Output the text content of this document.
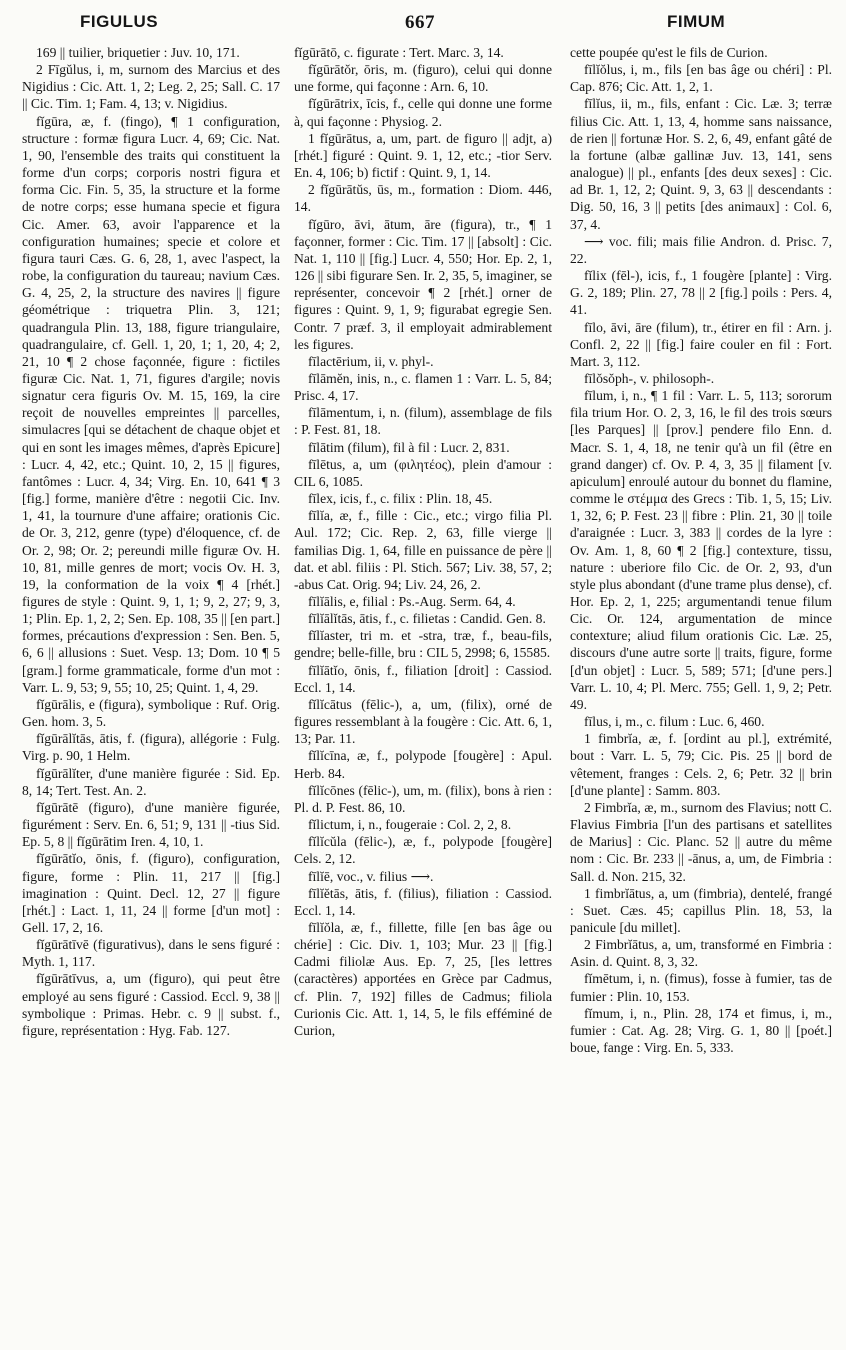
FIGULUS	667	FIMUM

169 || tuilier, briquetier : Juv. 10, 171.

2 Fīgŭlus, i, m, surnom des Marcius et des Nigidius : Cic. Att. 1, 2; Leg. 2, 25; Sall. C. 17 || Cic. Tim. 1; Fam. 4, 13; v. Nigidius.

fĭgūra, æ, f. (fingo), ¶ 1 configuration, structure : formæ figura Lucr. 4, 69; Cic. Nat. 1, 90, l'ensemble des traits qui constituent la forme d'un corps; corporis nostri figura et forma Cic. Fin. 5, 35, la structure et la forme de notre corps; esse humana specie et figura Cic. Amer. 63, avoir l'apparence et la configuration humaines; specie et colore et figura tauri Cæs. G. 6, 28, 1, avec l'aspect, la robe, la configuration du taureau; navium Cæs. G. 4, 25, 2, la structure des navires || figure géométrique : triquetra Plin. 3, 121; quadrangula Plin. 13, 188, figure triangulaire, quadrangulaire, cf. Gell. 1, 20, 1; 1, 20, 4; 2, 21, 10 ¶ 2 chose façonnée, figure : fictiles figuræ Cic. Nat. 1, 71, figures d'argile; novis signatur cera figuris Ov. M. 15, 169, la cire reçoit de nouvelles empreintes || parcelles, simulacres [qui se détachent de chaque objet et qui en sont les images mêmes, d'après Epicure] : Lucr. 4, 42, etc.; Quint. 10, 2, 15 || figures, fantômes : Lucr. 4, 34; Virg. En. 10, 641 ¶ 3 [fig.] forme, manière d'être : negotii Cic. Inv. 1, 41, la tournure d'une affaire; orationis Cic. de Or. 3, 212, genre (type) d'éloquence, cf. de Or. 2, 98; Or. 2; pereundi mille figuræ Ov. H. 10, 81, mille genres de mort; vocis Ov. H. 3, 19, la conformation de la voix ¶ 4 [rhét.] figures de style : Quint. 9, 1, 1; 9, 2, 27; 9, 3, 1; Plin. Ep. 1, 2, 2; Sen. Ep. 108, 35 || [en part.] formes, précautions d'expression : Sen. Ben. 5, 6, 6 || allusions : Suet. Vesp. 13; Dom. 10 ¶ 5 [gram.] forme grammaticale, forme d'un mot : Varr. L. 9, 53; 9, 55; 10, 25; Quint. 1, 4, 29.

fĭgūrālis, e (figura), symbolique : Ruf. Orig. Gen. hom. 3, 5.

fĭgūrālĭtās, ātis, f. (figura), allégorie : Fulg. Virg. p. 90, 1 Helm.

fĭgūrālĭter, d'une manière figurée : Sid. Ep. 8, 14; Tert. Test. An. 2.

fĭgūrātē (figuro), d'une manière figurée, figurément : Serv. En. 6, 51; 9, 131 || -tius Sid. Ep. 5, 8 || fĭgūrātim Iren. 4, 10, 1.

fĭgūrātĭo, ōnis, f. (figuro), configuration, figure, forme : Plin. 11, 217 || [fig.] imagination : Quint. Decl. 12, 27 || figure [rhét.] : Lact. 1, 11, 24 || forme [d'un mot] : Gell. 17, 2, 16.

fĭgūrātīvē (figurativus), dans le sens figuré : Myth. 1, 117.

fĭgūrātīvus, a, um (figuro), qui peut être employé au sens figuré : Cassiod. Eccl. 9, 38 || symbolique : Primas. Hebr. c. 9 || subst. f., figure, représentation : Hyg. Fab. 127.

fĭgūrātō, c. figurate : Tert. Marc. 3, 14.

fĭgūrātŏr, ōris, m. (figuro), celui qui donne une forme, qui façonne : Arn. 6, 10.

fĭgūrātrix, īcis, f., celle qui donne une forme à, qui façonne : Physiog. 2.

1 fĭgūrātus, a, um, part. de figuro || adjt, a) [rhét.] figuré : Quint. 9. 1, 12, etc.; -tior Serv. En. 4, 106; b) fictif : Quint. 9, 1, 14.

2 fĭgūrātŭs, ūs, m., formation : Diom. 446, 14.

fĭgūro, āvi, ātum, āre (figura), tr., ¶ 1 façonner, former : Cic. Tim. 17 || [absolt] : Cic. Nat. 1, 110 || [fig.] Lucr. 4, 550; Hor. Ep. 2, 1, 126 || sibi figurare Sen. Ir. 2, 35, 5, imaginer, se représenter, concevoir ¶ 2 [rhét.] orner de figures : Quint. 9, 1, 9; figurabat egregie Sen. Contr. 7 præf. 3, il employait admirablement les figures.

fīlactērium, ii, v. phyl-.

fīlāmĕn, inis, n., c. flamen 1 : Varr. L. 5, 84; Prisc. 4, 17.

fīlāmentum, i, n. (filum), assemblage de fils : P. Fest. 81, 18.

fīlātim (filum), fil à fil : Lucr. 2, 831.

fīlētus, a, um (φιλητέος), plein d'amour : CIL 6, 1085.

fīlex, icis, f., c. filix : Plin. 18, 45.

fīlĭa, æ, f., fille : Cic., etc.; virgo filia Pl. Aul. 172; Cic. Rep. 2, 63, fille vierge || familias Dig. 1, 64, fille en puissance de père || dat. et abl. filiis : Pl. Stich. 567; Liv. 38, 57, 2; -abus Cat. Orig. 94; Liv. 24, 26, 2.

fīlĭālis, e, filial : Ps.-Aug. Serm. 64, 4.

fīlĭālĭtās, ātis, f., c. filietas : Candid. Gen. 8.

fĭlĭaster, tri m. et -stra, træ, f., beau-fils, gendre; belle-fille, bru : CIL 5, 2998; 6, 15585.

fīlĭātĭo, ōnis, f., filiation [droit] : Cassiod. Eccl. 1, 14.

fĭlĭcātus (fēlic-), a, um, (filix), orné de figures ressemblant à la fougère : Cic. Att. 6, 1, 13; Par. 11.

fĭlĭcīna, æ, f., polypode [fougère] : Apul. Herb. 84.

fĭlĭcōnes (fēlic-), um, m. (filix), bons à rien : Pl. d. P. Fest. 86, 10.

fĭlictum, i, n., fougeraie : Col. 2, 2, 8.

fĭlĭcŭla (fēlic-), æ, f., polypode [fougère] Cels. 2, 12.

fīlĭē, voc., v. filius ⟶.

fīlĭĕtās, ātis, f. (filius), filiation : Cassiod. Eccl. 1, 14.

fīlĭŏla, æ, f., fillette, fille [en bas âge ou chérie] : Cic. Div. 1, 103; Mur. 23 || [fig.] Cadmi filiolæ Aus. Ep. 7, 25, [les lettres (caractères) apportées en Grèce par Cadmus, cf. Plin. 7, 192] filles de Cadmus; filiola Curionis Cic. Att. 1, 14, 5, le fils efféminé de Curion,

cette poupée qu'est le fils de Curion.

fīlĭŏlus, i, m., fils [en bas âge ou chéri] : Pl. Cap. 876; Cic. Att. 1, 2, 1.

fīlĭus, ii, m., fils, enfant : Cic. Læ. 3; terræ filius Cic. Att. 1, 13, 4, homme sans naissance, de rien || fortunæ Hor. S. 2, 6, 49, enfant gâté de la fortune (albæ gallinæ Juv. 13, 141, sens analogue) || pl., enfants [des deux sexes] : Cic. ad Br. 1, 12, 2; Quint. 9, 3, 63 || descendants : Dig. 50, 16, 3 || petits [des animaux] : Col. 6, 37, 4.

⟶ voc. fili; mais filie Andron. d. Prisc. 7, 22.

fĭlix (fēl-), icis, f., 1 fougère [plante] : Virg. G. 2, 189; Plin. 27, 78 || 2 [fig.] poils : Pers. 4, 41.

fīlo, āvi, āre (filum), tr., étirer en fil : Arn. j. Confl. 2, 22 || [fig.] faire couler en fil : Fort. Mart. 3, 112.

fīlŏsŏph-, v. philosoph-.

fīlum, i, n., ¶ 1 fil : Varr. L. 5, 113; sororum fila trium Hor. O. 2, 3, 16, le fil des trois sœurs [les Parques] || [prov.] pendere filo Enn. d. Macr. S. 1, 4, 18, ne tenir qu'à un fil (être en grand danger) cf. Ov. P. 4, 3, 35 || filament [v. apiculum] enroulé autour du bonnet du flamine, comme le στέμμα des Grecs : Tib. 1, 5, 15; Liv. 1, 32, 6; P. Fest. 23 || fibre : Plin. 21, 30 || toile d'araignée : Lucr. 3, 383 || cordes de la lyre : Ov. Am. 1, 8, 60 ¶ 2 [fig.] contexture, tissu, nature : uberiore filo Cic. de Or. 2, 93, d'un style plus abondant (d'une trame plus dense), cf. Hor. Ep. 2, 1, 225; argumentandi tenue filum Cic. Or. 124, argumentation de mince contexture; aliud filum orationis Cic. Læ. 25, discours d'une autre sorte || traits, figure, forme [d'un objet] : Lucr. 5, 589; 571; [d'une pers.] Varr. L. 10, 4; Pl. Merc. 755; Gell. 1, 9, 2; Petr. 49.

fīlus, i, m., c. filum : Luc. 6, 460.

1 fimbrĭa, æ, f. [ordint au pl.], extrémité, bout : Varr. L. 5, 79; Cic. Pis. 25 || bord de vêtement, franges : Cels. 2, 6; Petr. 32 || brin [d'une plante] : Samm. 803.

2 Fimbrĭa, æ, m., surnom des Flavius; nott C. Flavius Fimbria [l'un des partisans et satellites de Marius] : Cic. Planc. 52 || autre du même nom : Cic. Br. 233 || -ānus, a, um, de Fimbria : Sall. d. Non. 215, 32.

1 fimbrĭātus, a, um (fimbria), dentelé, frangé : Suet. Cæs. 45; capillus Plin. 18, 53, la panicule [du millet].

2 Fimbrĭātus, a, um, transformé en Fimbria : Asin. d. Quint. 8, 3, 32.

fĭmētum, i, n. (fimus), fosse à fumier, tas de fumier : Plin. 10, 153.

fĭmum, i, n., Plin. 28, 174 et fimus, i, m., fumier : Cat. Ag. 28; Virg. G. 1, 80 || [poét.] boue, fange : Virg. En. 5, 333.
